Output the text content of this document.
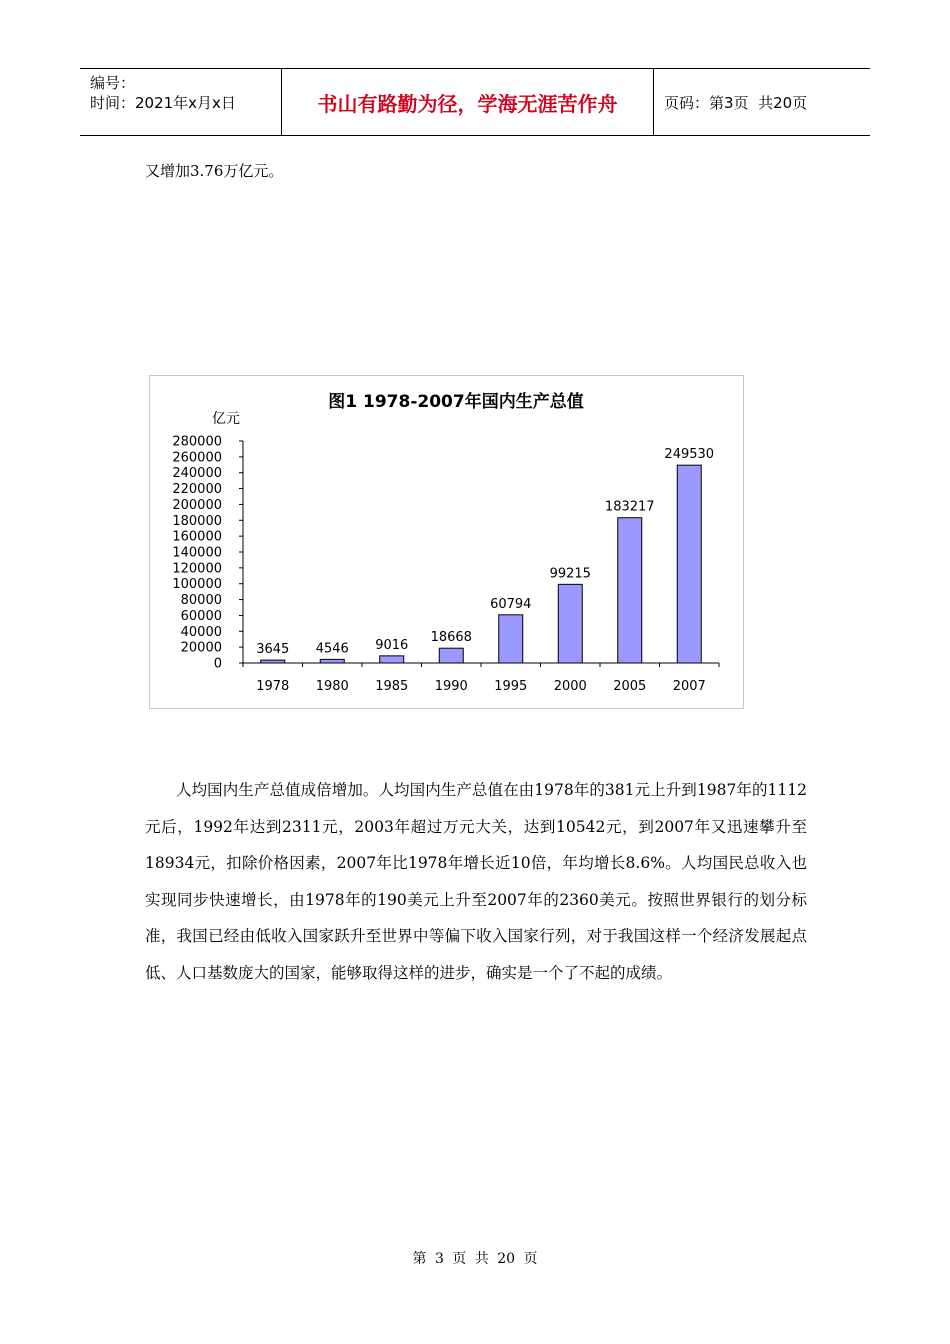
编号：
时间：2021年x月x日	书山有路勤为径，学海无涯苦作舟	页码：第3页  共20页
又增加3.76万亿元。
图1 1978-2007年国内生产总值
亿元
0
20000
40000
60000
80000
100000
120000
140000
160000
180000
200000
220000
240000
260000
280000
3645
1978
4546
1980
9016
1985
18668
1990
60794
1995
99215
2000
183217
2005
249530
2007

人均国内生产总值成倍增加。人均国内生产总值在由1978年的381元上升到1987年的1112元后，1992年达到2311元，2003年超过万元大关，达到10542元，到2007年又迅速攀升至18934元，扣除价格因素，2007年比1978年增长近10倍，年均增长8.6%。人均国民总收入也实现同步快速增长，由1978年的190美元上升至2007年的2360美元。按照世界银行的划分标准，我国已经由低收入国家跃升至世界中等偏下收入国家行列，对于我国这样一个经济发展起点低、人口基数庞大的国家，能够取得这样的进步，确实是一个了不起的成绩。

第 3 页 共 20 页
